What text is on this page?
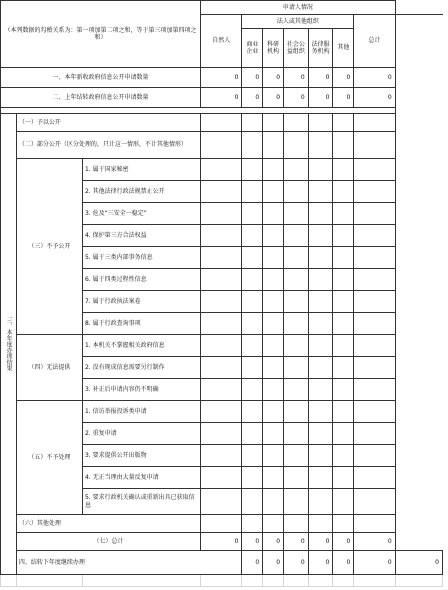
（本列数据的勾稽关系为：第一项加第二项之和，等于第三项加第四项之和）			申请人情况								
			自然人	法人或其他组织					总计		
				商业企业	科研机构	社会公益组织	法律服务机构	其他			
一、本年新收政府信息公开申请数量			0	0	0	0	0	0	0		
二、上年结转政府信息公开申请数量			0	0	0	0	0	0	0		

三、本年度办理结果	（一）予以公开										
	（二）部分公开（区分处理的，只计这一情形，不计其他情形）										
	（三）不予公开	1. 属于国家秘密									
		2. 其他法律行政法规禁止公开									
		3. 危及“三安全一稳定”									
		4. 保护第三方合法权益									
		5. 属于三类内部事务信息									
		6. 属于四类过程性信息									
		7. 属于行政执法案卷									
		8. 属于行政查询事项									
	（四）无法提供	1. 本机关不掌握相关政府信息									
		2. 没有现成信息需要另行制作									
		3. 补正后申请内容仍不明确									
	（五）不予处理	1. 信访举报投诉类申请									
		2. 重复申请									
		3. 要求提供公开出版物									
		4. 无正当理由大量反复申请									
		5. 要求行政机关确认或重新出具已获取信息									
	（六）其他处理										
	（七）总计		0	0	0	0	0	0	0		
	四、结转下年度继续办理			0	0	0	0	0	0	0	
